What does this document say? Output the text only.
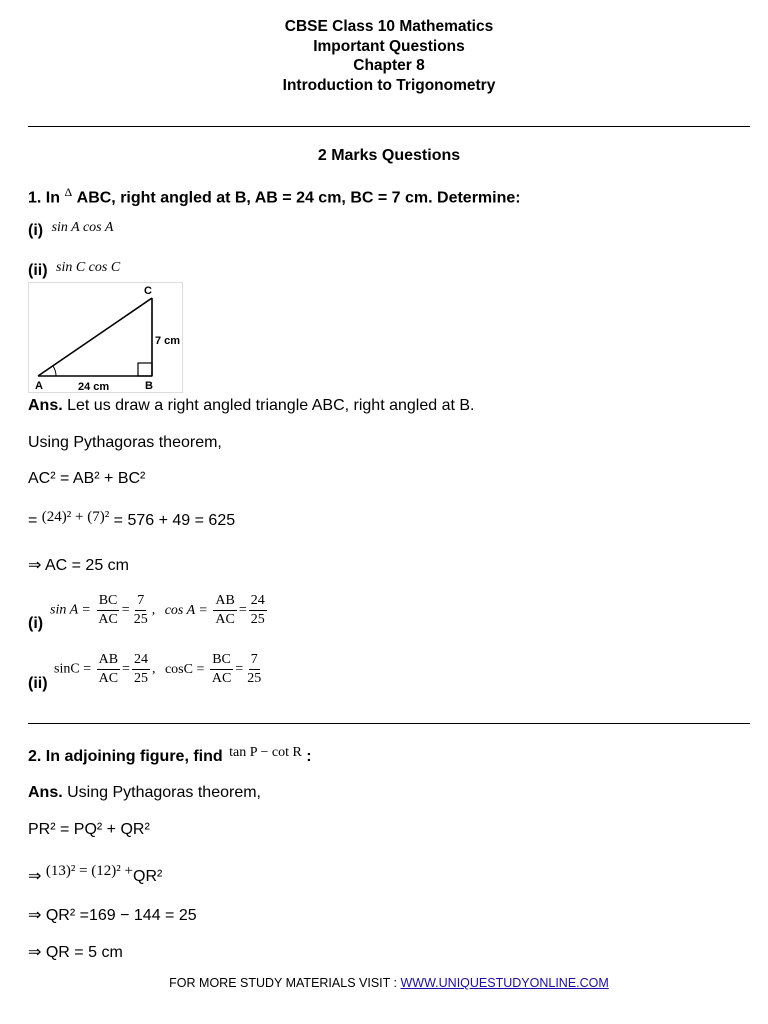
CBSE Class 10 Mathematics
Important Questions
Chapter 8
Introduction to Trigonometry
2 Marks Questions
1. In $^\Delta$ ABC, right angled at B, AB = 24 cm, BC = 7 cm. Determine:
(i) sin A cos A
(ii) sin C cos C
C
A	B
24 cm
7 cm
Ans. Let us draw a right angled triangle ABC, right angled at B.
Using Pythagoras theorem,
AC² = AB² + BC²
= (24)² + (7)² = 576 + 49 = 625
⇒ AC = 25 cm
(i)
$\sin A = \frac{BC}{AC} = \frac{7}{25}$ , $\cos A = \frac{AB}{AC} = \frac{24}{25}$
(ii)
$\sin C = \frac{AB}{AC} = \frac{24}{25}$ , $\cos C = \frac{BC}{AC} = \frac{7}{25}$
2. In adjoining figure, find tan P − cot R :
Ans. Using Pythagoras theorem,
PR² = PQ² + QR²
⇒ (13)² = (12)² +QR²
⇒ QR² =169 − 144 = 25
⇒ QR = 5 cm
FOR MORE STUDY MATERIALS VISIT : WWW.UNIQUESTUDYONLINE.COM
